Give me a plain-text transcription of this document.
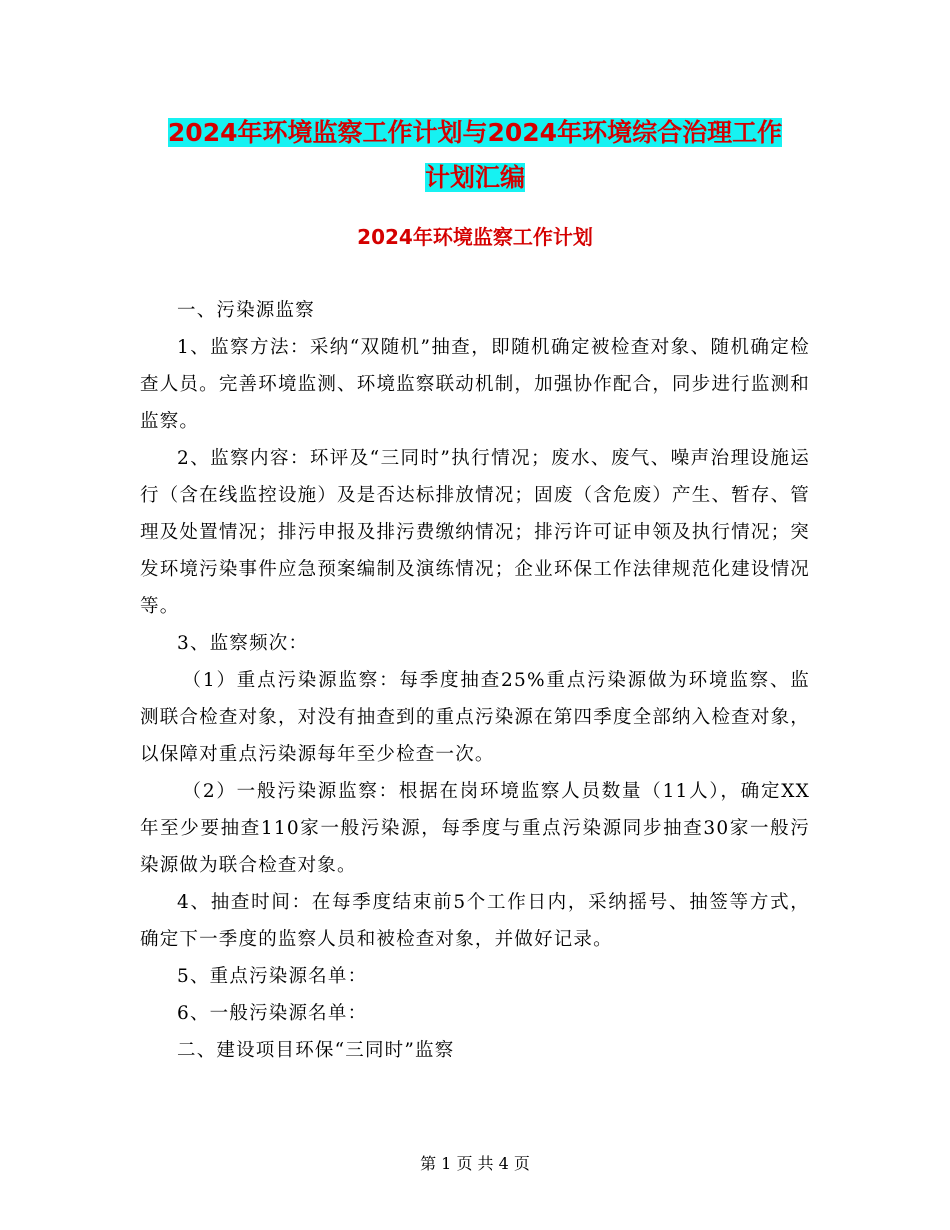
2024年环境监察工作计划与2024年环境综合治理工作
计划汇编
2024年环境监察工作计划

一、污染源监察

1、监察方法：采纳“双随机”抽查，即随机确定被检查对象、随机确定检查人员。完善环境监测、环境监察联动机制，加强协作配合，同步进行监测和监察。

2、监察内容：环评及“三同时”执行情况；废水、废气、噪声治理设施运行（含在线监控设施）及是否达标排放情况；固废（含危废）产生、暂存、管理及处置情况；排污申报及排污费缴纳情况；排污许可证申领及执行情况；突发环境污染事件应急预案编制及演练情况；企业环保工作法律规范化建设情况等。

3、监察频次：

（1）重点污染源监察：每季度抽查25%重点污染源做为环境监察、监测联合检查对象，对没有抽查到的重点污染源在第四季度全部纳入检查对象，以保障对重点污染源每年至少检查一次。

（2）一般污染源监察：根据在岗环境监察人员数量（11人），确定XX年至少要抽查110家一般污染源，每季度与重点污染源同步抽查30家一般污染源做为联合检查对象。

4、抽查时间：在每季度结束前5个工作日内，采纳摇号、抽签等方式，确定下一季度的监察人员和被检查对象，并做好记录。

5、重点污染源名单：

6、一般污染源名单：

二、建设项目环保“三同时”监察

第 1 页 共 4 页
